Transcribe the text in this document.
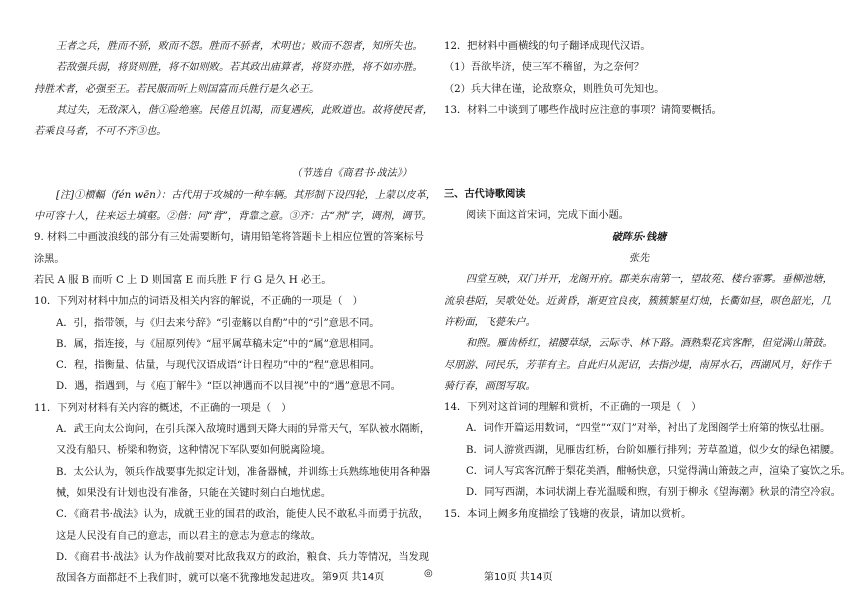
王者之兵，胜而不骄，败而不怨。胜而不骄者，术明也；败而不怨者，知所失也。

若敌强兵弱，将贤则胜，将不如则败。若其政出庙算者，将贤亦胜，将不如亦胜。

持胜术者，必强至王。若民服而听上则国富而兵胜行是久必王。

其过失，无敌深入，偕①险绝塞。民倦且饥渴，而复遇疾，此败道也。故将使民者，

若乘良马者，不可不齐③也。

（节选自《商君书·战法》）

[注]①槚輻（fén wēn）：古代用于攻城的一种车辆。其形制下设四轮，上蒙以皮革，

中可容十人，往来运土填壑。②偕：同“背”，背靠之意。③齐：古“剂”字，调剂，调节。

9. 材料二中画波浪线的部分有三处需要断句，请用铅笔将答题卡上相应位置的答案标号

涂黑。

若民 A 服 B 而听 C 上 D 则国富 E 而兵胜 F 行 G 是久 H 必王。

10．下列对材料中加点的词语及相关内容的解说，不正确的一项是（　）

A．引，指带领，与《归去来兮辞》“引壶觞以自酌”中的“引”意思不同。

B．属，指连接，与《屈原列传》“屈平属草稿未定”中的“属”意思相同。

C．程，指衡量、估量，与现代汉语成语“计日程功”中的“程”意思相同。

D．遇，指遇到，与《庖丁解牛》“臣以神遇而不以目视”中的“遇”意思不同。

11．下列对材料有关内容的概述，不正确的一项是（　）

A．武王向太公询问，在引兵深入敌境时遇到天降大雨的异常天气，军队被水隔断，

又没有船只、桥梁和物资，这种情况下军队要如何脱离险境。

B．太公认为，领兵作战要事先拟定计划，准备器械，并训练士兵熟练地使用各种器

械，如果没有计划也没有准备，只能在关键时刻白白地忧虑。

C．《商君书·战法》认为，成就王业的国君的政治，能使人民不敢私斗而勇于抗敌，

这是人民没有自己的意志，而以君主的意志为意志的缘故。

D．《商君书·战法》认为作战前要对比敌我双方的政治，粮食、兵力等情况，当发现

敌国各方面都赶不上我们时，就可以毫不犹豫地发起进攻。

12．把材料中画横线的句子翻译成现代汉语。

（1）吾欲毕济，使三军不稽留，为之奈何？

（2）兵大律在谨，论敌察众，则胜负可先知也。

13．材料二中谈到了哪些作战时应注意的事项？请简要概括。

三、古代诗歌阅读

阅读下面这首宋词，完成下面小题。

破阵乐·钱塘

张先

四堂互映，双门并开，龙阁开府。郡美东南第一，望故苑、楼台霏雾。垂柳池塘，

流泉巷陌，吴歌处处。近黄昏，渐更宜良夜，簇簇繁星灯烛，长衢如昼，暝色韶光，几

许粉面，飞甍朱户。

和煦。雁齿桥红，裙腰草绿，云际寺、林下路。酒熟梨花宾客醉，但觉满山箫鼓。

尽朋游、同民乐，芳菲有主。自此归从泥诏，去指沙堤，南屏水石，西湖风月，好作千

骑行春，画图写取。

14．下列对这首词的理解和赏析，不正确的一项是（　）

A．词作开篇运用数词，“四堂”“双门”对举，衬出了龙图阁学士府第的恢弘壮丽。

B．词人游赏西湖，见雁齿红桥，台阶如雁行排列；芳草盈道，似少女的绿色裙腰。

C．词人写宾客沉醉于梨花美酒，酣畅快意，只觉得满山箫鼓之声，渲染了宴饮之乐。

D．同写西湖，本词状湖上春光温暖和煦，有别于柳永《望海潮》秋景的清空冷寂。

15．本词上阙多角度描绘了钱塘的夜景，请加以赏析。

第9页 共14页	◎	第10页 共14页
